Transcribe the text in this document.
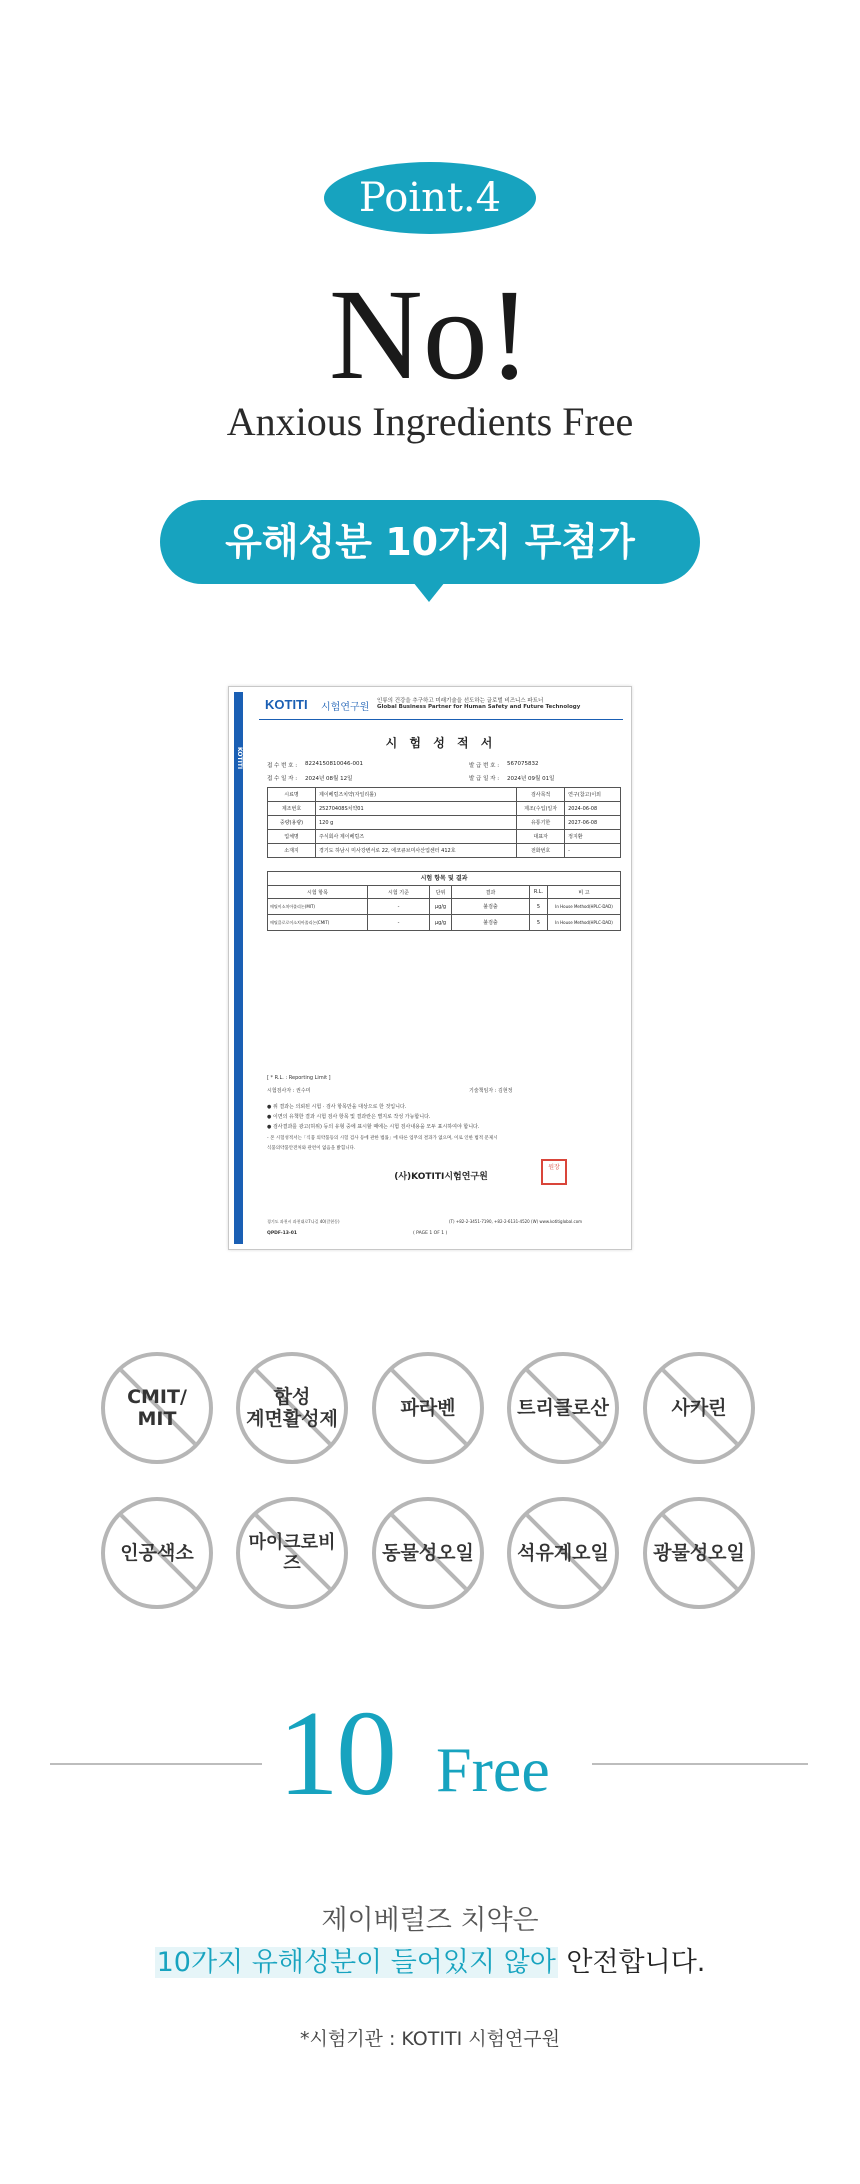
Point.4
No!
Anxious Ingredients Free
유해성분 10가지 무첨가
KOTITI
KOTITI 시험연구원
인류의 건강을 추구하고 미래기술을 선도하는 글로벌 비즈니스 파트너
Global Business Partner for Human Safety and Future Technology
시 험 성 적 서
접 수 번 호 : 8224150810046-001	발 급 번 호 : 567075832
접 수 일 자 : 2024년 08월 12일	발 급 일 자 : 2024년 09월 01일
시료명	제이베럴즈치약(자일리톨)	검사목적	연구(참고)이외
제조번호	25270408S치약01	제조(수입)일자	2024-06-08
중량(용량)	120 g	유통기한	2027-06-08
업체명	주식회사 제이베럴즈	대표자	정지환
소재지	경기도 하남시 미사강변서로 22, 에코큐브미사산업센터 412호	전화번호	-
시험 항목 및 결과
시험 항목	시험 기준	단위	결과	R.L.	비 고
메틸이소치아졸리논(MIT)	-	μg/g	불검출	5	In House Method(HPLC-DAD)
메틸클로로이소치아졸리논(CMIT)	-	μg/g	불검출	5	In House Method(HPLC-DAD)
[ * R.L. : Reporting Limit ]
시험검사자 : 권수미	기술책임자 : 김현정
● 위 결과는 의뢰된 시험 · 검사 항목만을 대상으로 한 것입니다.
● 이면의 유책한 결과 시험 검사 항목 및 결과란은 별지로 작성 가능합니다.
● 검사결과를 광고(허위) 등의 유형 중에 표시할 때에는 시험 검사내용을 모두 표시하여야 합니다.
- 본 시험성적서는「식품 의약품등의 시험 검사 등에 관한 법률」에 따른 업무의 결과가 없으며, 이로 인한 법적 문제시
식품의약품안전처와 관련이 없음을 밝힙니다.
(사)KOTITI시험연구원
원장
경기도 과천시 과천대로7나길 40(갈현동)	(T) +82-2-3451-7190, +82-2-6131-4520 (W) www.kotitiglobal.com
QPDF-13-01	( PAGE 1 OF 1 )
CMIT/
MIT
합성
계면활성제
파라벤	트리클로산	사카린
인공색소	마이크로비즈	동물성오일	석유계오일	광물성오일
10 Free
제이베럴즈 치약은
10가지 유해성분이 들어있지 않아 안전합니다.
*시험기관 : KOTITI 시험연구원
